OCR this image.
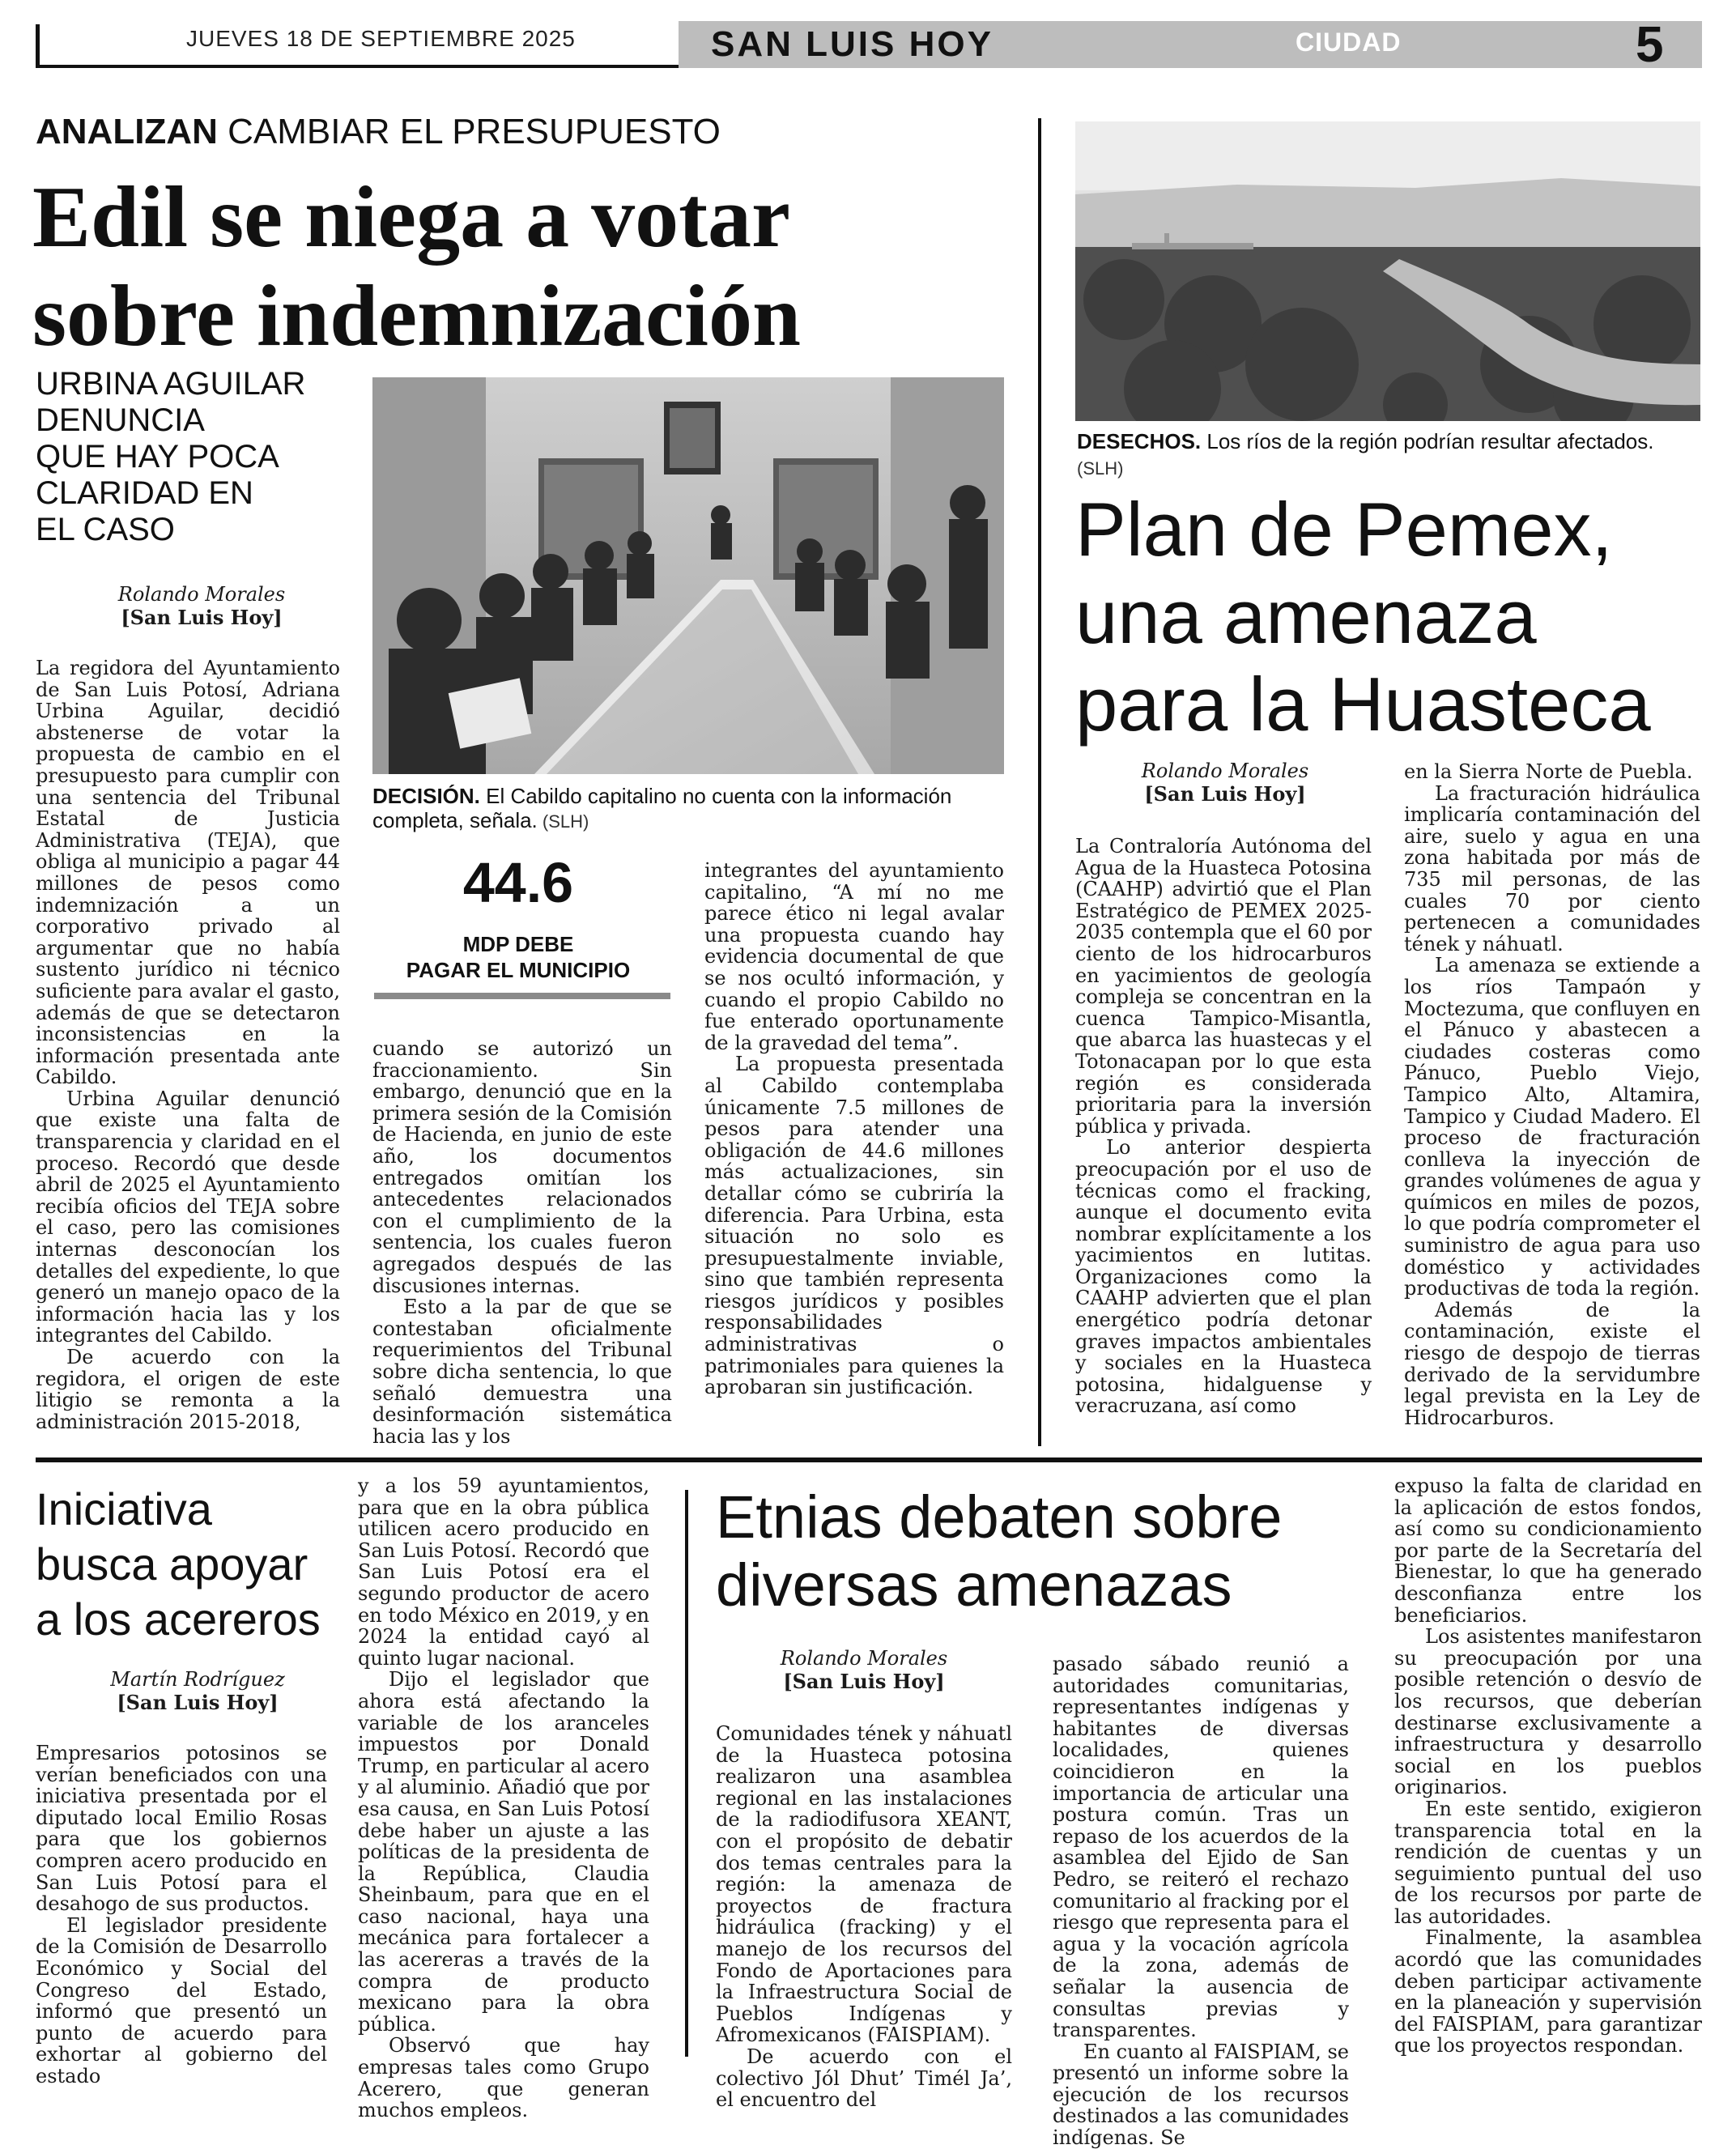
JUEVES 18 DE SEPTIEMBRE 2025	SAN LUIS HOY	CIUDAD	5
ANALIZAN CAMBIAR EL PRESUPUESTO
Edil se niega a votar
sobre indemnización
URBINA AGUILAR
DENUNCIA
QUE HAY POCA
CLARIDAD EN
EL CASO
Rolando Morales
[San Luis Hoy]
DECISIÓN. El Cabildo capitalino no cuenta con la información completa, señala. (SLH)
44.6
MDP DEBE
PAGAR EL MUNICIPIO

La regidora del Ayuntamiento de San Luis Potosí, Adriana Urbina Aguilar, decidió abstenerse de votar la propuesta de cambio en el presupuesto para cumplir con una sentencia del Tribunal Estatal de Justicia Administrativa (TEJA), que obliga al municipio a pagar 44 millones de pesos como indemnización a un corporativo privado al argumentar que no había sustento jurídico ni técnico suficiente para avalar el gasto, además de que se detectaron inconsistencias en la información presentada ante Cabildo.

Urbina Aguilar denunció que existe una falta de transparencia y claridad en el proceso. Recordó que desde abril de 2025 el Ayuntamiento recibía oficios del TEJA sobre el caso, pero las comisiones internas desconocían los detalles del expediente, lo que generó un manejo opaco de la información hacia las y los integrantes del Cabildo.

De acuerdo con la regidora, el origen de este litigio se remonta a la administración 2015-2018,

cuando se autorizó un fraccionamiento. Sin embargo, denunció que en la primera sesión de la Comisión de Hacienda, en junio de este año, los documentos entregados omitían los antecedentes relacionados con el cumplimiento de la sentencia, los cuales fueron agregados después de las discusiones internas.

Esto a la par de que se contestaban oficialmente requerimientos del Tribunal sobre dicha sentencia, lo que señaló demuestra una desinformación sistemática hacia las y los

integrantes del ayuntamiento capitalino, “A mí no me parece ético ni legal avalar una propuesta cuando hay evidencia documental de que se nos ocultó información, y cuando el propio Cabildo no fue enterado oportunamente de la gravedad del tema”.

La propuesta presentada al Cabildo contemplaba únicamente 7.5 millones de pesos para atender una obligación de 44.6 millones más actualizaciones, sin detallar cómo se cubriría la diferencia. Para Urbina, esta situación no solo es presupuestalmente inviable, sino que también representa riesgos jurídicos y posibles responsabilidades administrativas o patrimoniales para quienes la aprobaran sin justificación.

DESECHOS. Los ríos de la región podrían resultar afectados. (SLH)
Plan de Pemex,
una amenaza
para la Huasteca
Rolando Morales
[San Luis Hoy]

La Contraloría Autónoma del Agua de la Huasteca Potosina (CAAHP) advirtió que el Plan Estratégico de PEMEX 2025-2035 contempla que el 60 por ciento de los hidrocarburos en yacimientos de geología compleja se concentran en la cuenca Tampico-Misantla, que abarca las huastecas y el Totonacapan por lo que esta región es considerada prioritaria para la inversión pública y privada.

Lo anterior despierta preocupación por el uso de técnicas como el fracking, aunque el documento evita nombrar explícitamente a los yacimientos en lutitas. Organizaciones como la CAAHP advierten que el plan energético podría detonar graves impactos ambientales y sociales en la Huasteca potosina, hidalguense y veracruzana, así como

en la Sierra Norte de Puebla.

La fracturación hidráulica implicaría contaminación del aire, suelo y agua en una zona habitada por más de 735 mil personas, de las cuales 70 por ciento pertenecen a comunidades tének y náhuatl.

La amenaza se extiende a los ríos Tampaón y Moctezuma, que confluyen en el Pánuco y abastecen a ciudades costeras como Pánuco, Pueblo Viejo, Tampico Alto, Altamira, Tampico y Ciudad Madero. El proceso de fracturación conlleva la inyección de grandes volúmenes de agua y químicos en miles de pozos, lo que podría comprometer el suministro de agua para uso doméstico y actividades productivas de toda la región.

Además de la contaminación, existe el riesgo de despojo de tierras derivado de la servidumbre legal prevista en la Ley de Hidrocarburos.

Iniciativa
busca apoyar
a los acereros
Martín Rodríguez
[San Luis Hoy]

Empresarios potosinos se verían beneficiados con una iniciativa presentada por el diputado local Emilio Rosas para que los gobiernos compren acero producido en San Luis Potosí para el desahogo de sus productos.

El legislador presidente de la Comisión de Desarrollo Económico y Social del Congreso del Estado, informó que presentó un punto de acuerdo para exhortar al gobierno del estado

y a los 59 ayuntamientos, para que en la obra pública utilicen acero producido en San Luis Potosí. Recordó que San Luis Potosí era el segundo productor de acero en todo México en 2019, y en 2024 la entidad cayó al quinto lugar nacional.

Dijo el legislador que ahora está afectando la variable de los aranceles impuestos por Donald Trump, en particular al acero y al aluminio. Añadió que por esa causa, en San Luis Potosí debe haber un ajuste a las políticas de la presidenta de la República, Claudia Sheinbaum, para que en el caso nacional, haya una mecánica para fortalecer a las acereras a través de la compra de producto mexicano para la obra pública.

Observó que hay empresas tales como Grupo Acerero, que generan muchos empleos.

Etnias debaten sobre
diversas amenazas
Rolando Morales
[San Luis Hoy]

Comunidades tének y náhuatl de la Huasteca potosina realizaron una asamblea regional en las instalaciones de la radiodifusora XEANT, con el propósito de debatir dos temas centrales para la región: la amenaza de proyectos de fractura hidráulica (fracking) y el manejo de los recursos del Fondo de Aportaciones para la Infraestructura Social de Pueblos Indígenas y Afromexicanos (FAISPIAM).

De acuerdo con el colectivo Jól Dhut’ Timél Ja’, el encuentro del

pasado sábado reunió a autoridades comunitarias, representantes indígenas y habitantes de diversas localidades, quienes coincidieron en la importancia de articular una postura común. Tras un repaso de los acuerdos de la asamblea del Ejido de San Pedro, se reiteró el rechazo comunitario al fracking por el riesgo que representa para el agua y la vocación agrícola de la zona, además de señalar la ausencia de consultas previas y transparentes.

En cuanto al FAISPIAM, se presentó un informe sobre la ejecución de los recursos destinados a las comunidades indígenas. Se

expuso la falta de claridad en la aplicación de estos fondos, así como su condicionamiento por parte de la Secretaría del Bienestar, lo que ha generado desconfianza entre los beneficiarios.

Los asistentes manifestaron su preocupación por una posible retención o desvío de los recursos, que deberían destinarse exclusivamente a infraestructura y desarrollo social en los pueblos originarios.

En este sentido, exigieron transparencia total en la rendición de cuentas y un seguimiento puntual del uso de los recursos por parte de las autoridades.

Finalmente, la asamblea acordó que las comunidades deben participar activamente en la planeación y supervisión del FAISPIAM, para garantizar que los proyectos respondan.
